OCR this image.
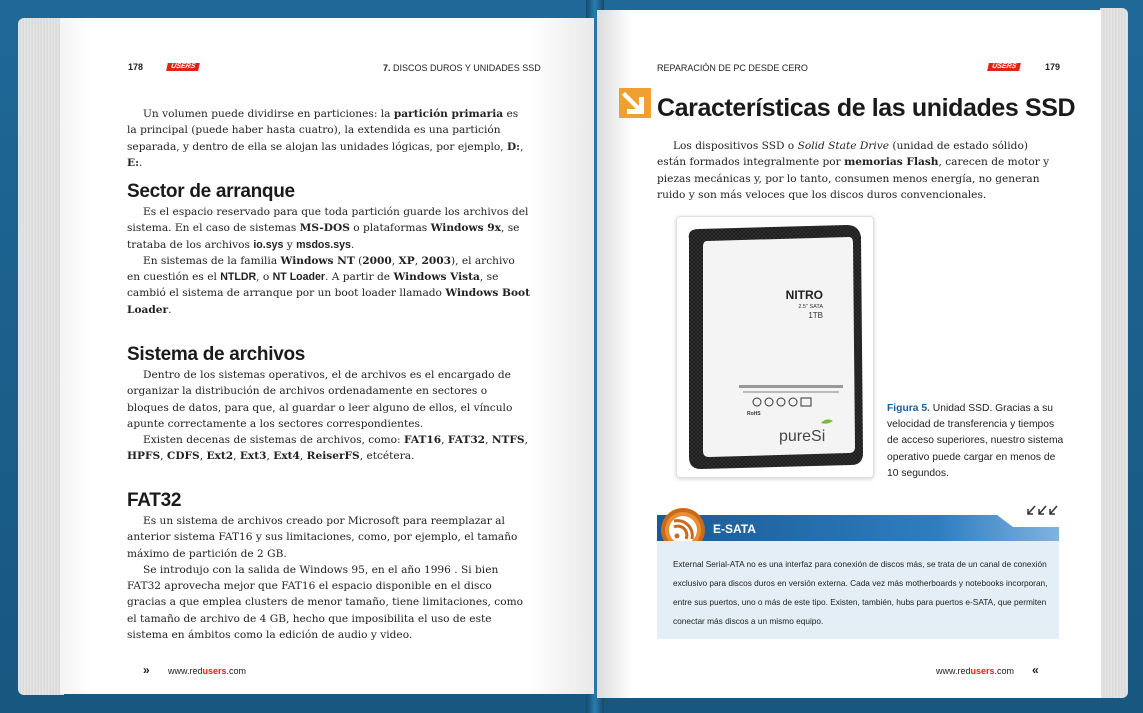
178	USERS	7. DISCOS DUROS Y UNIDADES SSD

Un volumen puede dividirse en particiones: la partición primaria es la principal (puede haber hasta cuatro), la extendida es una partición separada, y dentro de ella se alojan las unidades lógicas, por ejemplo, D:, E:.

Sector de arranque

Es el espacio reservado para que toda partición guarde los archivos del sistema. En el caso de sistemas MS-DOS o plataformas Windows 9x, se trataba de los archivos io.sys y msdos.sys.

En sistemas de la familia Windows NT (2000, XP, 2003), el archivo en cuestión es el NTLDR, o NT Loader. A partir de Windows Vista, se cambió el sistema de arranque por un boot loader llamado Windows Boot Loader.

Sistema de archivos

Dentro de los sistemas operativos, el de archivos es el encargado de organizar la distribución de archivos ordenadamente en sectores o bloques de datos, para que, al guardar o leer alguno de ellos, el vínculo apunte correctamente a los sectores correspondientes.

Existen decenas de sistemas de archivos, como: FAT16, FAT32, NTFS, HPFS, CDFS, Ext2, Ext3, Ext4, ReiserFS, etcétera.

FAT32

Es un sistema de archivos creado por Microsoft para reemplazar al anterior sistema FAT16 y sus limitaciones, como, por ejemplo, el tamaño máximo de partición de 2 GB.

Se introdujo con la salida de Windows 95, en el año 1996 . Si bien FAT32 aprovecha mejor que FAT16 el espacio disponible en el disco gracias a que emplea clusters de menor tamaño, tiene limitaciones, como el tamaño de archivo de 4 GB, hecho que imposibilita el uso de este sistema en ámbitos como la edición de audio y video.

» www.redusers.com
REPARACIÓN DE PC DESDE CERO	USERS	179
Características de las unidades SSD

Los dispositivos SSD o Solid State Drive (unidad de estado sólido) están formados integralmente por memorias Flash, carecen de motor y piezas mecánicas y, por lo tanto, consumen menos energía, no generan ruido y son más veloces que los discos duros convencionales.

NITRO
2.5" SATA
1TB
RoHS
pureSi
Figura 5. Unidad SSD. Gracias a su velocidad de transferencia y tiempos de acceso superiores, nuestro sistema operativo puede cargar en menos de 10 segundos.
E-SATA
External Serial-ATA no es una interfaz para conexión de discos más, se trata de un canal de conexión exclusivo para discos duros en versión externa. Cada vez más motherboards y notebooks incorporan, entre sus puertos, uno o más de este tipo. Existen, también, hubs para puertos e-SATA, que permiten conectar más discos a un mismo equipo.
www.redusers.com «
